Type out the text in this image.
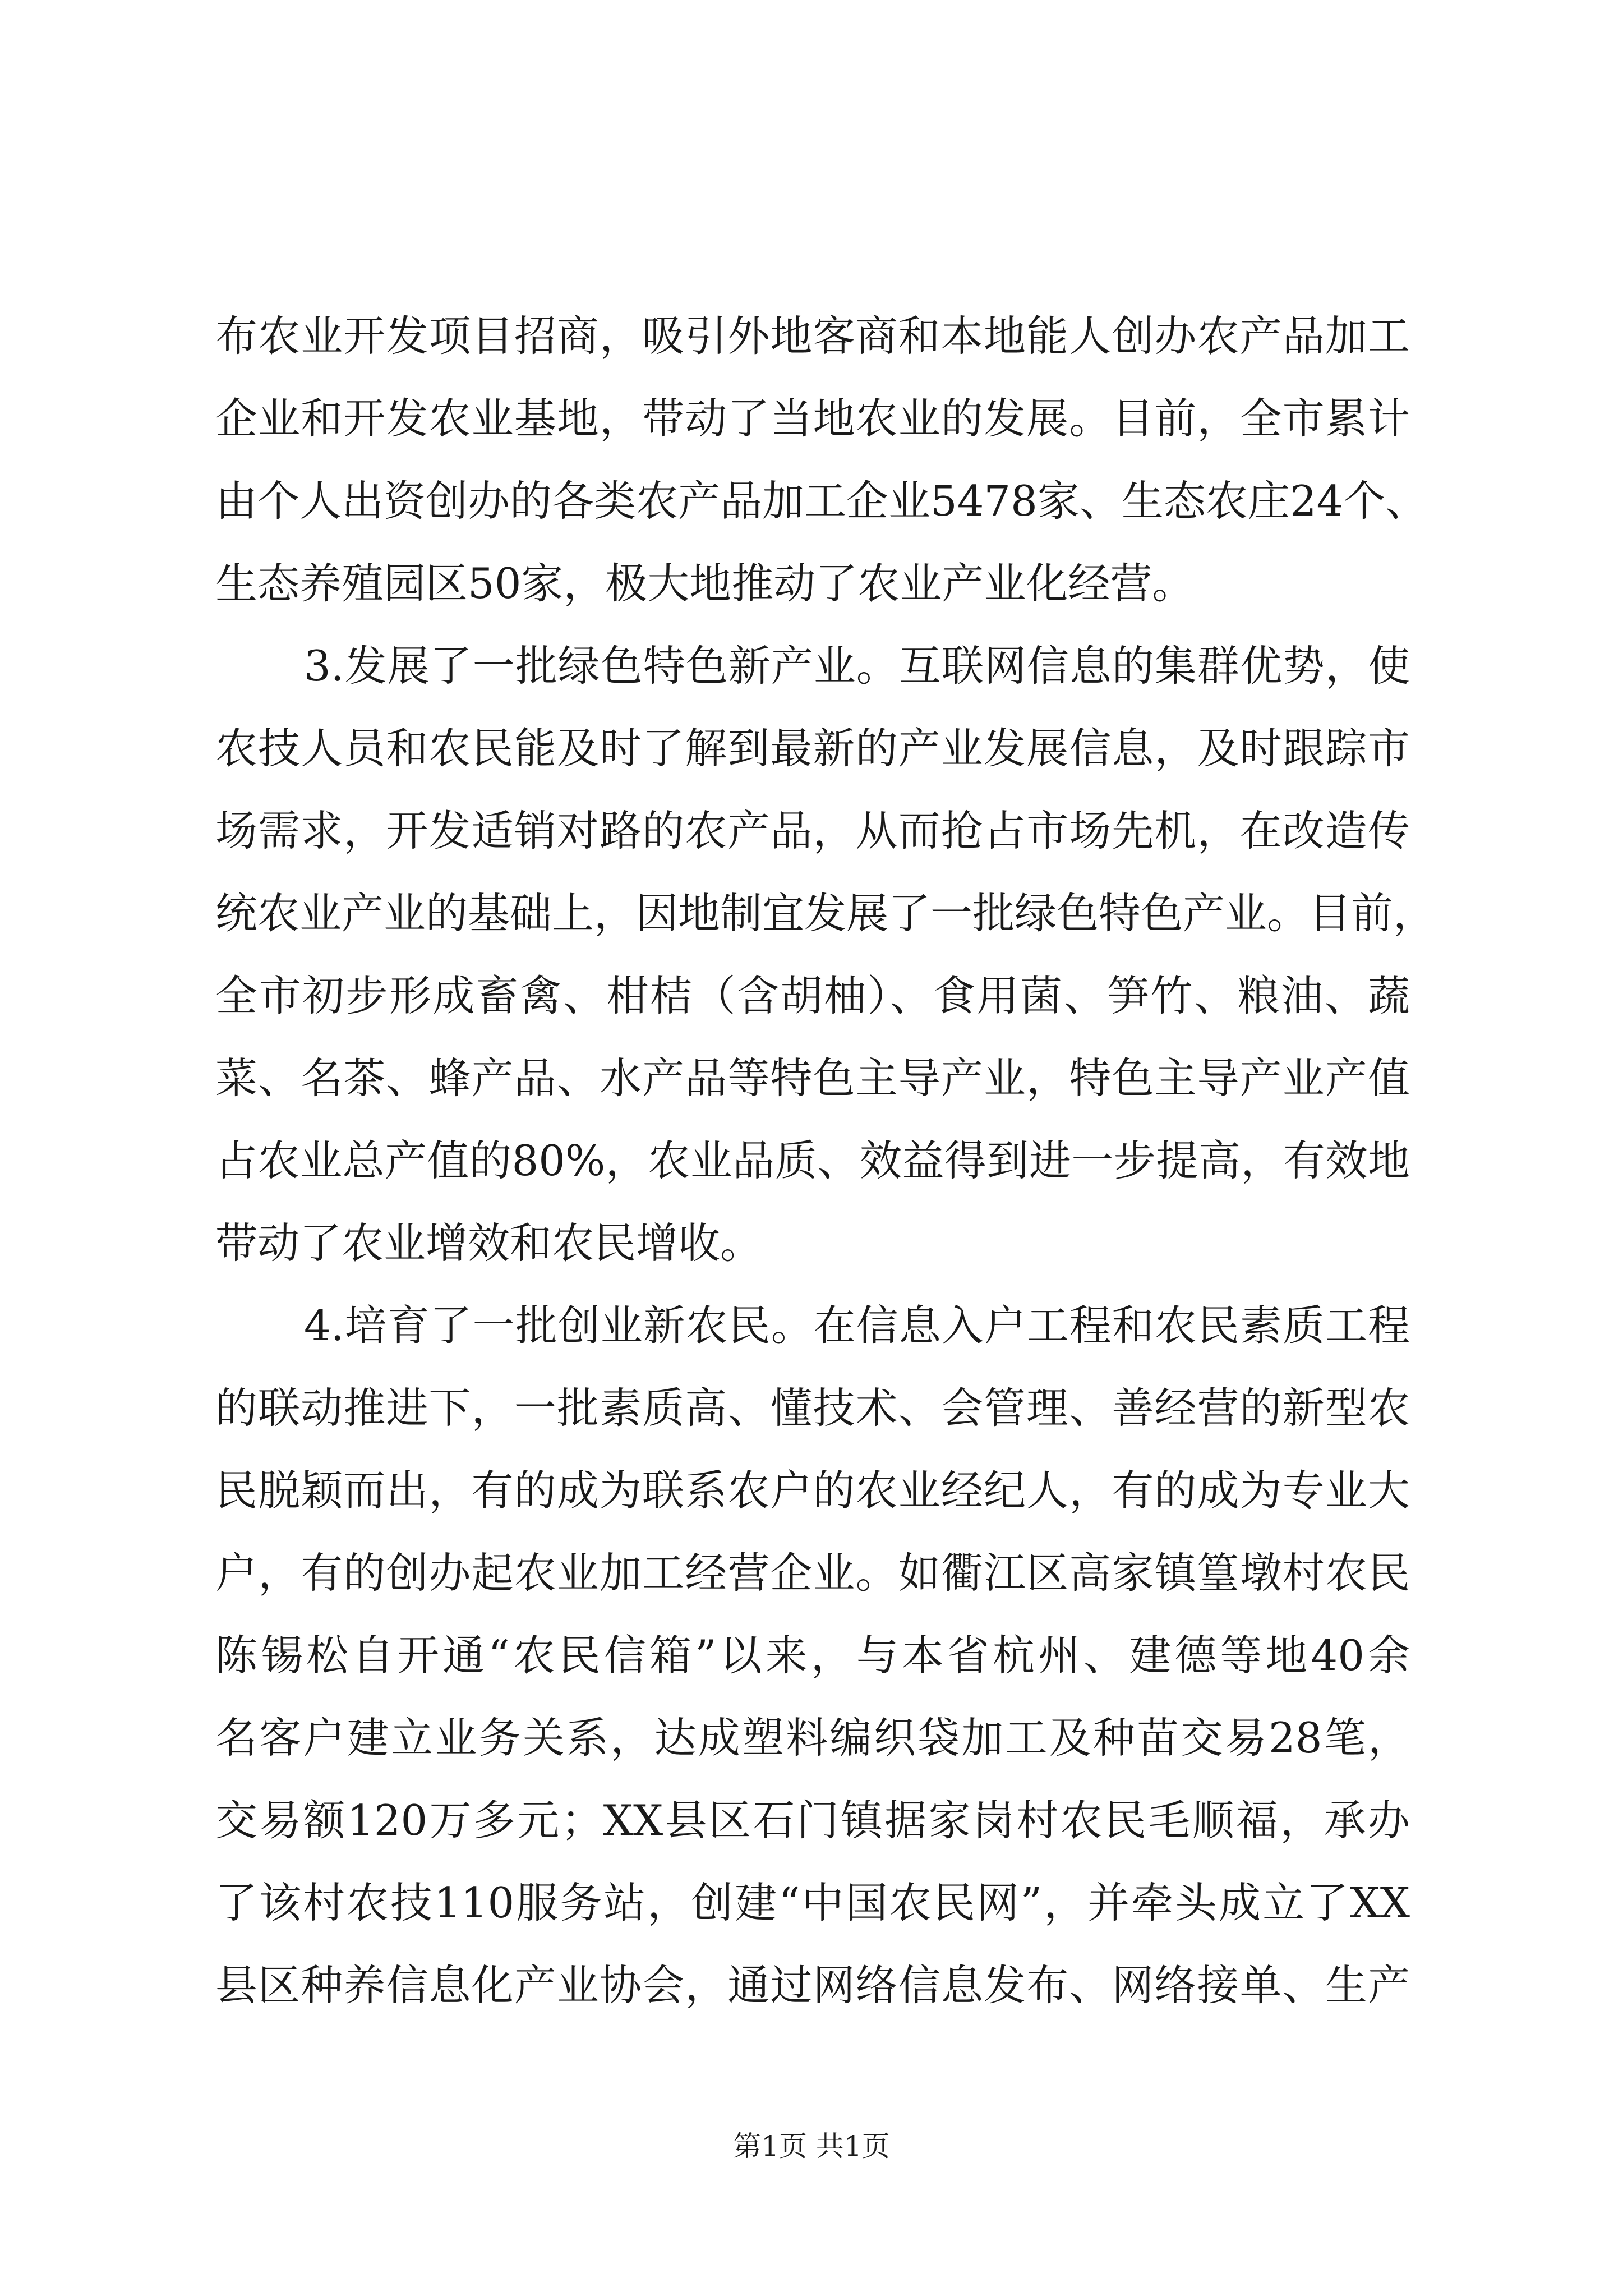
布农业开发项目招商，吸引外地客商和本地能人创办农产品加工
企业和开发农业基地，带动了当地农业的发展。目前，全市累计
由个人出资创办的各类农产品加工企业5478家、生态农庄24个、
生态养殖园区50家，极大地推动了农业产业化经营。
3.发展了一批绿色特色新产业。互联网信息的集群优势，使
农技人员和农民能及时了解到最新的产业发展信息，及时跟踪市
场需求，开发适销对路的农产品，从而抢占市场先机，在改造传
统农业产业的基础上，因地制宜发展了一批绿色特色产业。目前，
全市初步形成畜禽、柑桔（含胡柚）、食用菌、笋竹、粮油、蔬
菜、名茶、蜂产品、水产品等特色主导产业，特色主导产业产值
占农业总产值的80%，农业品质、效益得到进一步提高，有效地
带动了农业增效和农民增收。
4.培育了一批创业新农民。在信息入户工程和农民素质工程
的联动推进下，一批素质高、懂技术、会管理、善经营的新型农
民脱颖而出，有的成为联系农户的农业经纪人，有的成为专业大
户，有的创办起农业加工经营企业。如衢江区高家镇篁墩村农民
陈锡松自开通“农民信箱”以来，与本省杭州、建德等地40余
名客户建立业务关系，达成塑料编织袋加工及种苗交易28笔，
交易额120万多元；XX县区石门镇据家岗村农民毛顺福，承办
了该村农技110服务站，创建“中国农民网”，并牵头成立了XX
县区种养信息化产业协会，通过网络信息发布、网络接单、生产
第1页 共1页
